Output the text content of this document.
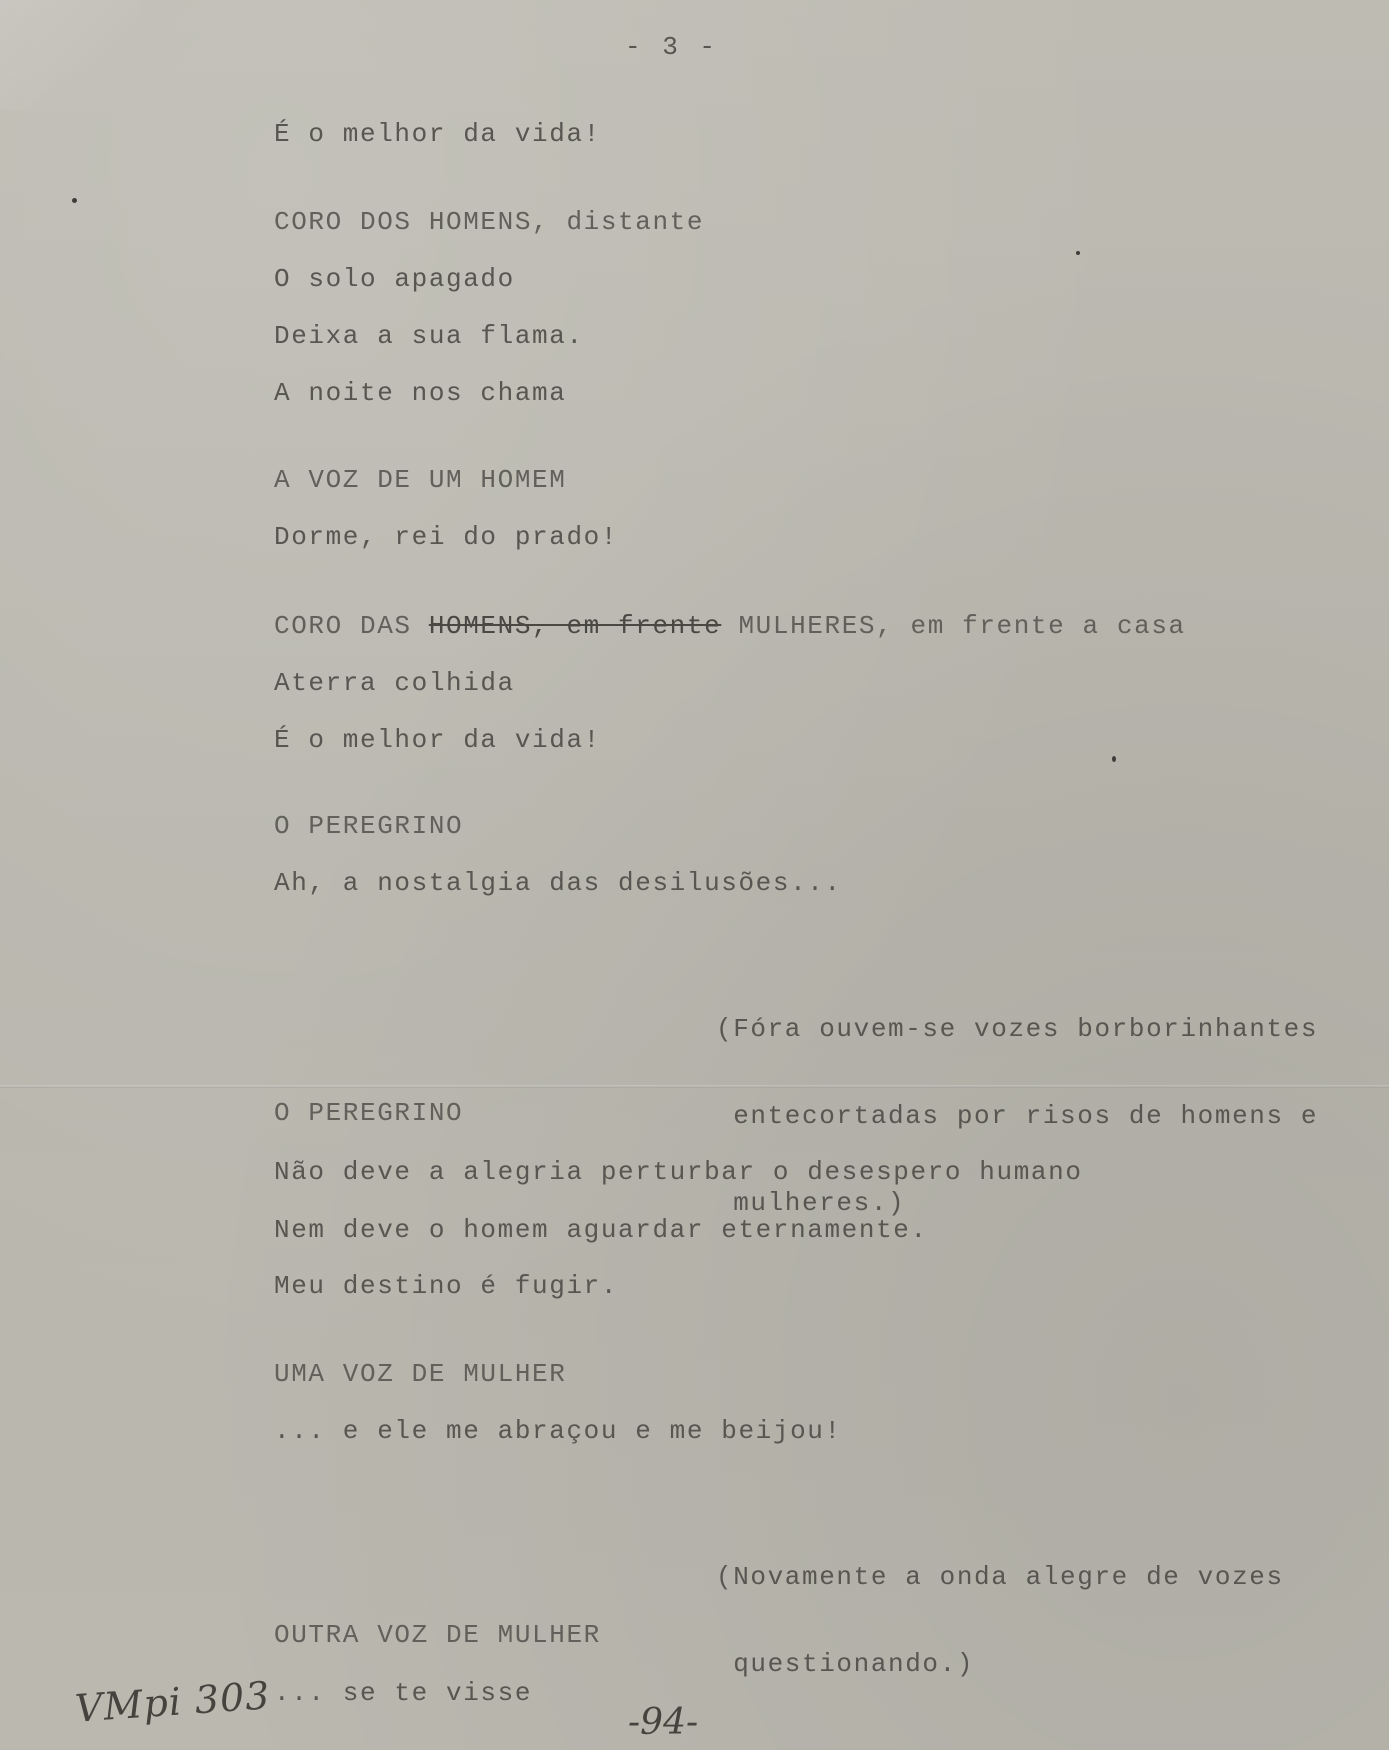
- 3 -

É o melhor da vida!

CORO DOS HOMENS, distante

O solo apagado

Deixa a sua flama.

A noite nos chama

A VOZ DE UM HOMEM

Dorme, rei do prado!

CORO DAS HOMENS, em frente MULHERES, em frente a casa

Aterra colhida

É o melhor da vida!

O PEREGRINO

Ah, a nostalgia das desilusões...

(Fóra ouvem-se vozes borborinhantes

entecortadas por risos de homens e

mulheres.)

O PEREGRINO

Não deve a alegria perturbar o desespero humano

Nem deve o homem aguardar eternamente.

Meu destino é fugir.

UMA VOZ DE MULHER

... e ele me abraçou e me beijou!

(Novamente a onda alegre de vozes

questionando.)

OUTRA VOZ DE MULHER

... se te visse

VMpi 303	-94-
